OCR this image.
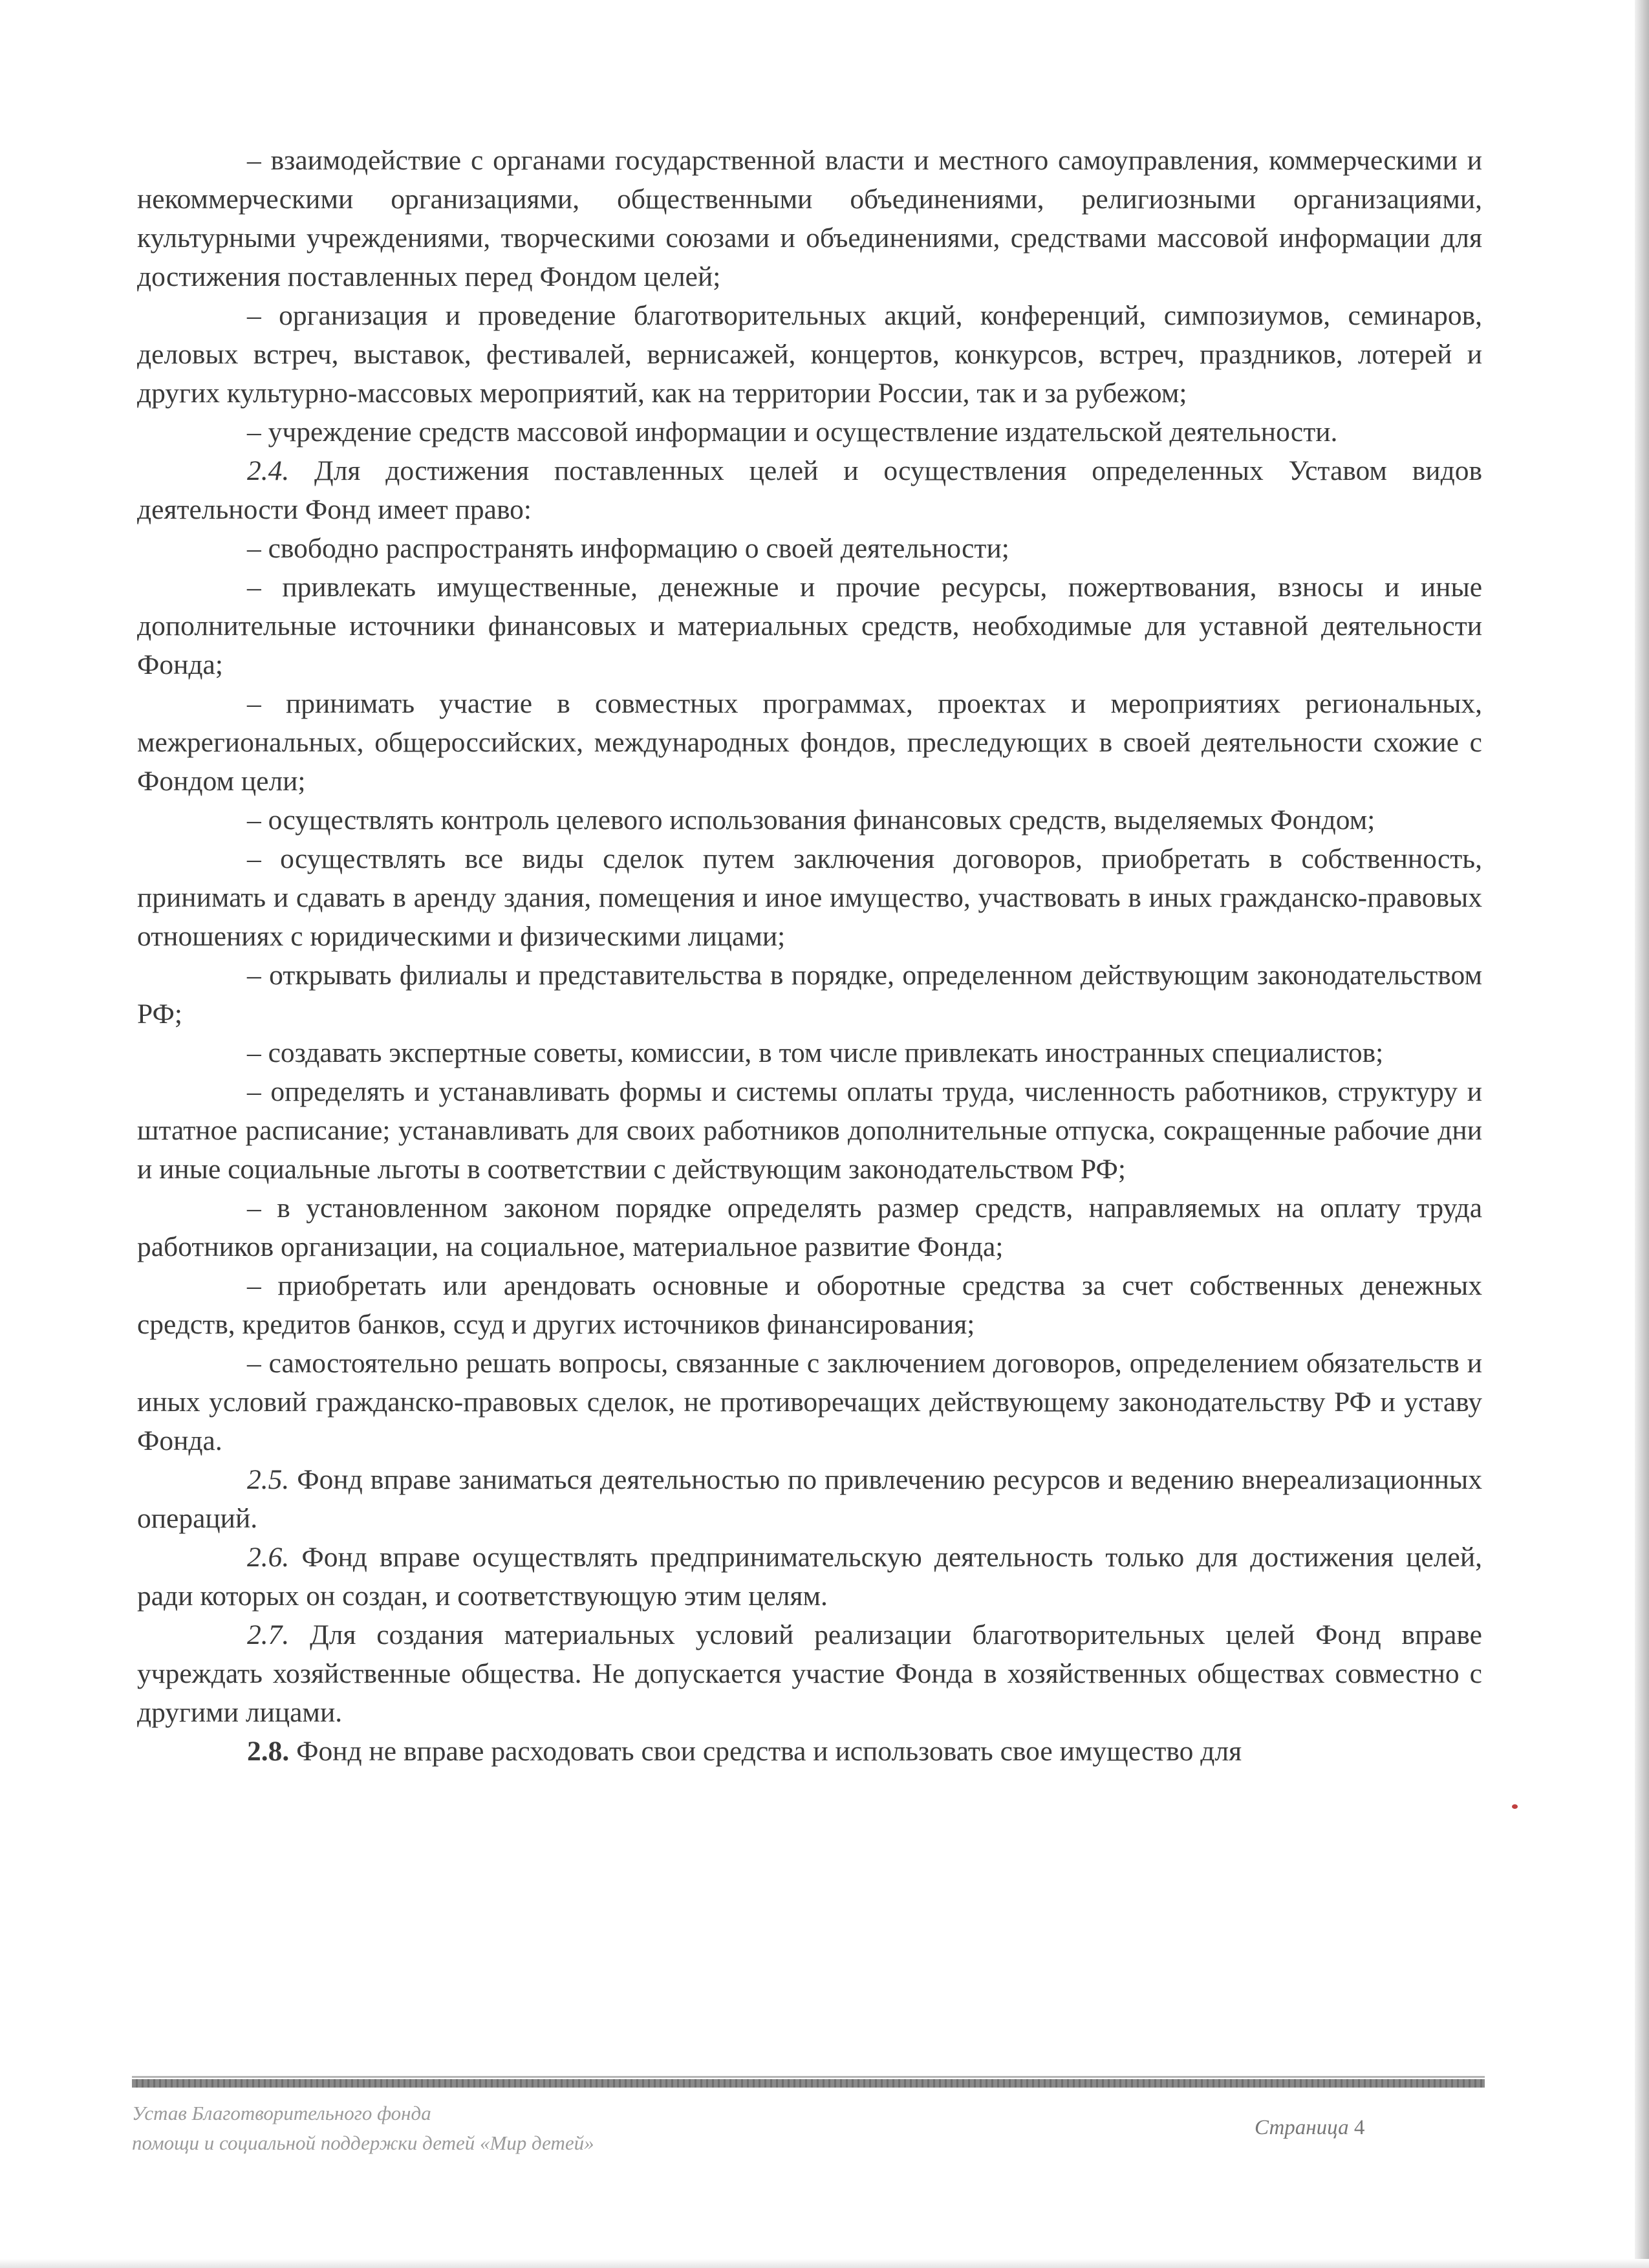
– взаимодействие с органами государственной власти и местного самоуправления, коммерческими и некоммерческими организациями, общественными объединениями, религиозными организациями, культурными учреждениями, творческими союзами и объединениями, средствами массовой информации для достижения поставленных перед Фондом целей;

– организация и проведение благотворительных акций, конференций, симпозиумов, семинаров, деловых встреч, выставок, фестивалей, вернисажей, концертов, конкурсов, встреч, праздников, лотерей и других культурно-массовых мероприятий, как на территории России, так и за рубежом;

– учреждение средств массовой информации и осуществление издательской деятельности.

2.4. Для достижения поставленных целей и осуществления определенных Уставом видов деятельности Фонд имеет право:

– свободно распространять информацию о своей деятельности;

– привлекать имущественные, денежные и прочие ресурсы, пожертвования, взносы и иные дополнительные источники финансовых и материальных средств, необходимые для уставной деятельности Фонда;

– принимать участие в совместных программах, проектах и мероприятиях региональных, межрегиональных, общероссийских, международных фондов, преследующих в своей деятельности схожие с Фондом цели;

– осуществлять контроль целевого использования финансовых средств, выделяемых Фондом;

– осуществлять все виды сделок путем заключения договоров, приобретать в собственность, принимать и сдавать в аренду здания, помещения и иное имущество, участвовать в иных гражданско-правовых отношениях с юридическими и физическими лицами;

– открывать филиалы и представительства в порядке, определенном действующим законодательством РФ;

– создавать экспертные советы, комиссии, в том числе привлекать иностранных специалистов;

– определять и устанавливать формы и системы оплаты труда, численность работников, структуру и штатное расписание; устанавливать для своих работников дополнительные отпуска, сокращенные рабочие дни и иные социальные льготы в соответствии с действующим законодательством РФ;

– в установленном законом порядке определять размер средств, направляемых на оплату труда работников организации, на социальное, материальное развитие Фонда;

– приобретать или арендовать основные и оборотные средства за счет собственных денежных средств, кредитов банков, ссуд и других источников финансирования;

– самостоятельно решать вопросы, связанные с заключением договоров, определением обязательств и иных условий гражданско-правовых сделок, не противоречащих действующему законодательству РФ и уставу Фонда.

2.5. Фонд вправе заниматься деятельностью по привлечению ресурсов и ведению внереализационных операций.

2.6. Фонд вправе осуществлять предпринимательскую деятельность только для достижения целей, ради которых он создан, и соответствующую этим целям.

2.7. Для создания материальных условий реализации благотворительных целей Фонд вправе учреждать хозяйственные общества. Не допускается участие Фонда в хозяйственных обществах совместно с другими лицами.

2.8. Фонд не вправе расходовать свои средства и использовать свое имущество для

Устав Благотворительного фонда
помощи и социальной поддержки детей «Мир детей»
Страница 4
